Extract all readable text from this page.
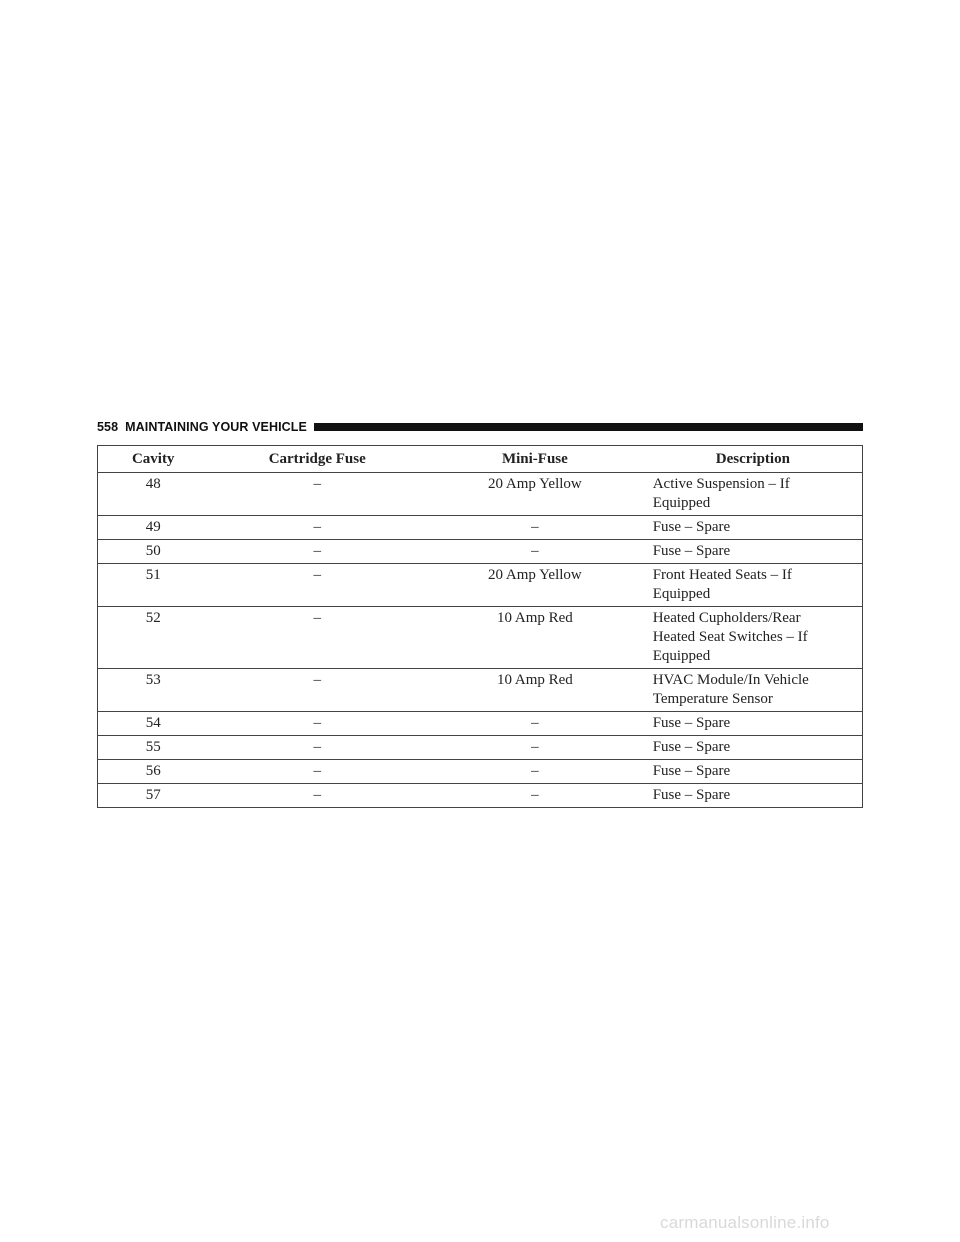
558 MAINTAINING YOUR VEHICLE
Cavity	Cartridge Fuse	Mini-Fuse	Description
48	–	20 Amp Yellow	Active Suspension – If
Equipped

49	–	–	Fuse – Spare

50	–	–	Fuse – Spare

51	–	20 Amp Yellow	Front Heated Seats – If
Equipped

52	–	10 Amp Red	Heated Cupholders/Rear
Heated Seat Switches – If
Equipped

53	–	10 Amp Red	HVAC Module/In Vehicle
Temperature Sensor

54	–	–	Fuse – Spare

55	–	–	Fuse – Spare

56	–	–	Fuse – Spare

57	–	–	Fuse – Spare
carmanualsonline.info
